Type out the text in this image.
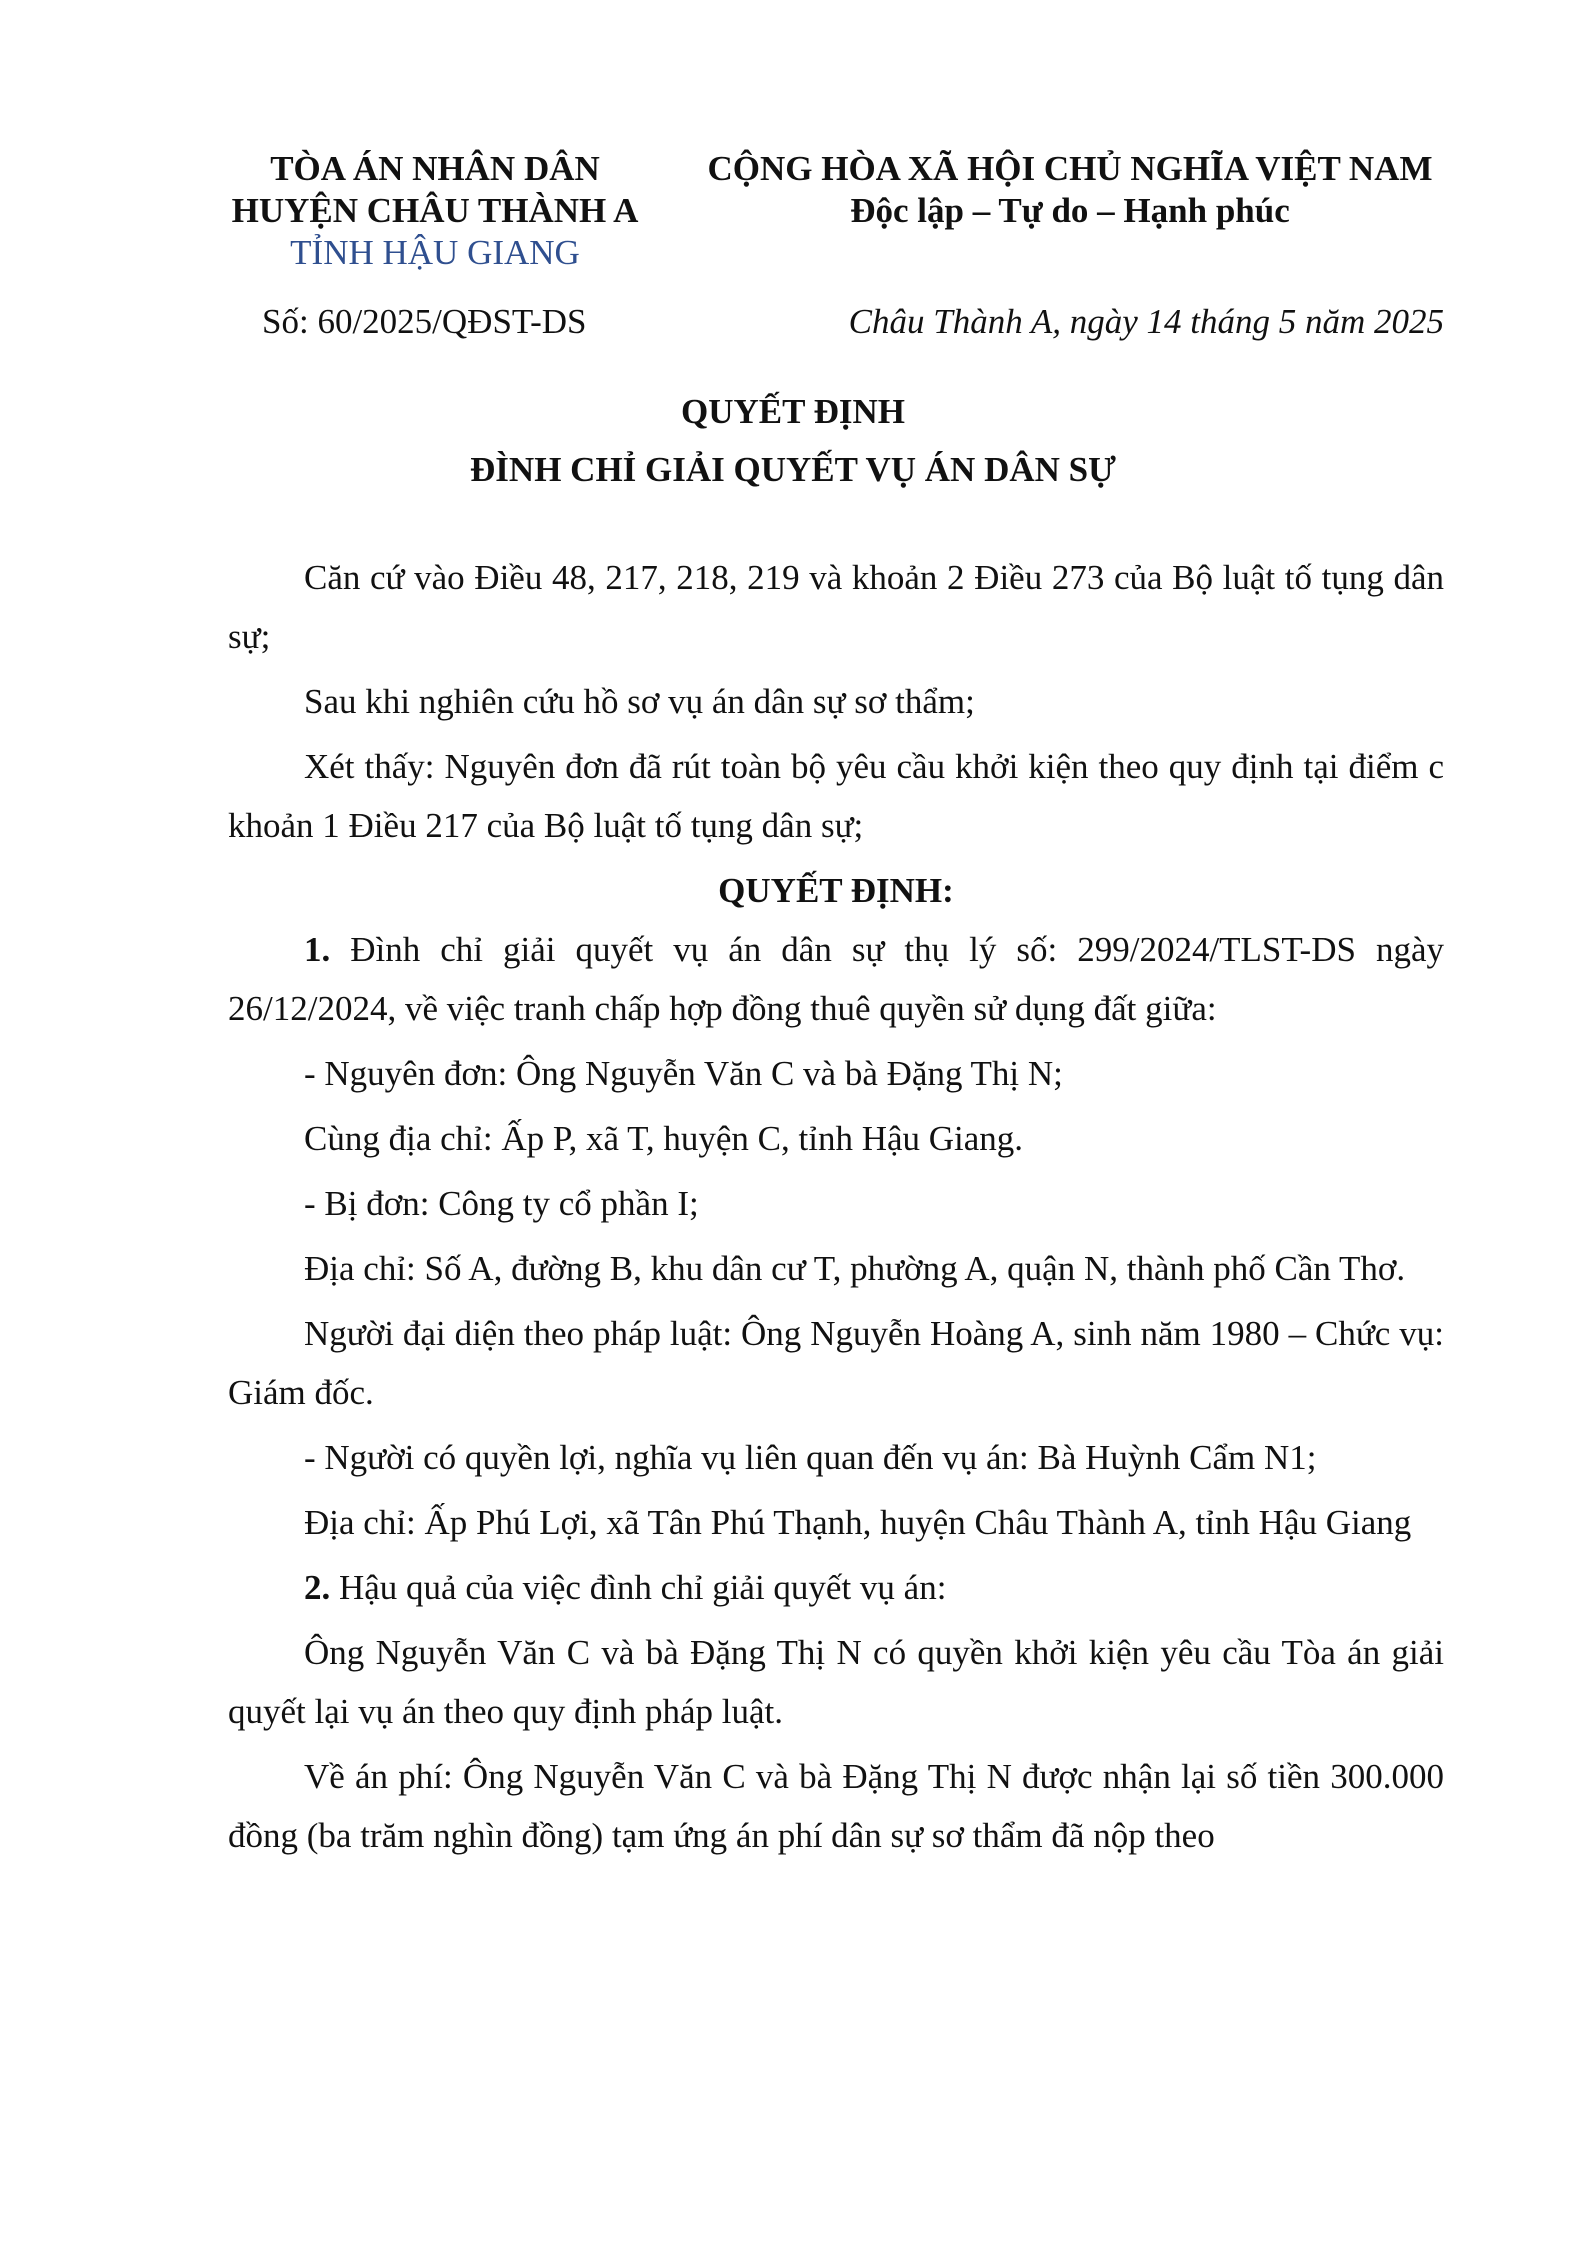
TÒA ÁN NHÂN DÂN
HUYỆN CHÂU THÀNH A
TỈNH HẬU GIANG
CỘNG HÒA XÃ HỘI CHỦ NGHĨA VIỆT NAM
Độc lập – Tự do – Hạnh phúc
Số: 60/2025/QĐST-DS	Châu Thành A, ngày 14 tháng 5 năm 2025
QUYẾT ĐỊNH
ĐÌNH CHỈ GIẢI QUYẾT VỤ ÁN DÂN SỰ

Căn cứ vào Điều 48, 217, 218, 219 và khoản 2 Điều 273 của Bộ luật tố tụng dân sự;

Sau khi nghiên cứu hồ sơ vụ án dân sự sơ thẩm;

Xét thấy: Nguyên đơn đã rút toàn bộ yêu cầu khởi kiện theo quy định tại điểm c khoản 1 Điều 217 của Bộ luật tố tụng dân sự;

QUYẾT ĐỊNH:

1. Đình chỉ giải quyết vụ án dân sự thụ lý số: 299/2024/TLST-DS ngày 26/12/2024, về việc tranh chấp hợp đồng thuê quyền sử dụng đất giữa:

- Nguyên đơn: Ông Nguyễn Văn C và bà Đặng Thị N;

Cùng địa chỉ: Ấp P, xã T, huyện C, tỉnh Hậu Giang.

- Bị đơn: Công ty cổ phần I;

Địa chỉ: Số A, đường B, khu dân cư T, phường A, quận N, thành phố Cần Thơ.

Người đại diện theo pháp luật: Ông Nguyễn Hoàng A, sinh năm 1980 – Chức vụ: Giám đốc.

- Người có quyền lợi, nghĩa vụ liên quan đến vụ án: Bà Huỳnh Cẩm N1;

Địa chỉ: Ấp Phú Lợi, xã Tân Phú Thạnh, huyện Châu Thành A, tỉnh Hậu Giang

2. Hậu quả của việc đình chỉ giải quyết vụ án:

Ông Nguyễn Văn C và bà Đặng Thị N có quyền khởi kiện yêu cầu Tòa án giải quyết lại vụ án theo quy định pháp luật.

Về án phí: Ông Nguyễn Văn C và bà Đặng Thị N được nhận lại số tiền 300.000 đồng (ba trăm nghìn đồng) tạm ứng án phí dân sự sơ thẩm đã nộp theo
